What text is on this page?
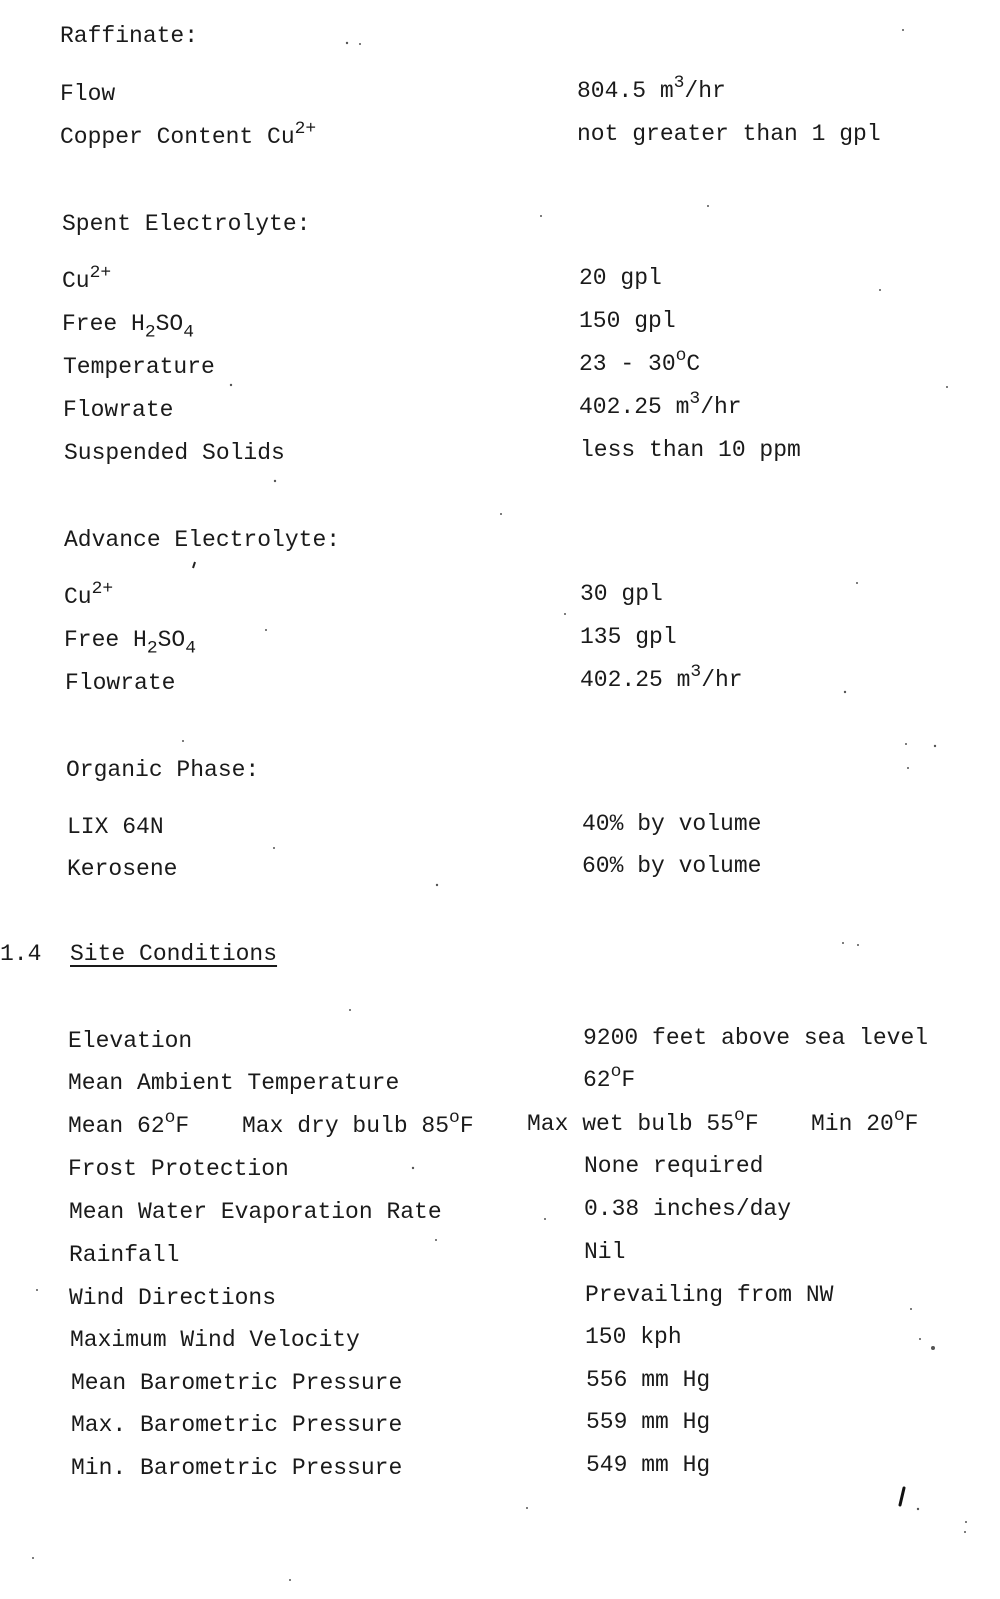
Raffinate:
Flow	804.5 $m^3/hr$
Copper Content $Cu^{2+}$	not greater than 1 gpl
Spent Electrolyte:
$Cu^{2+}$	20 gpl
Free $H_2SO_4$	150 gpl
Temperature	23 - 30$^o$C
Flowrate	402.25 $m^3/hr$
Suspended Solids	less than 10 ppm
Advance Electrolyte:
$Cu^{2+}$	30 gpl
Free $H_2SO_4$	135 gpl
Flowrate	402.25 $m^3/hr$
Organic Phase:
LIX 64N	40% by volume
Kerosene	60% by volume
1.4 Site Conditions
Elevation	9200 feet above sea level
Mean Ambient Temperature	62$^o$F
Mean 62$^o$F Max dry bulb 85$^o$F Max wet bulb 55$^o$F Min 20$^o$F
Frost Protection	None required
Mean Water Evaporation Rate	0.38 inches/day
Rainfall	Nil
Wind Directions	Prevailing from NW
Maximum Wind Velocity	150 kph
Mean Barometric Pressure	556 mm Hg
Max. Barometric Pressure	559 mm Hg
Min. Barometric Pressure	549 mm Hg
